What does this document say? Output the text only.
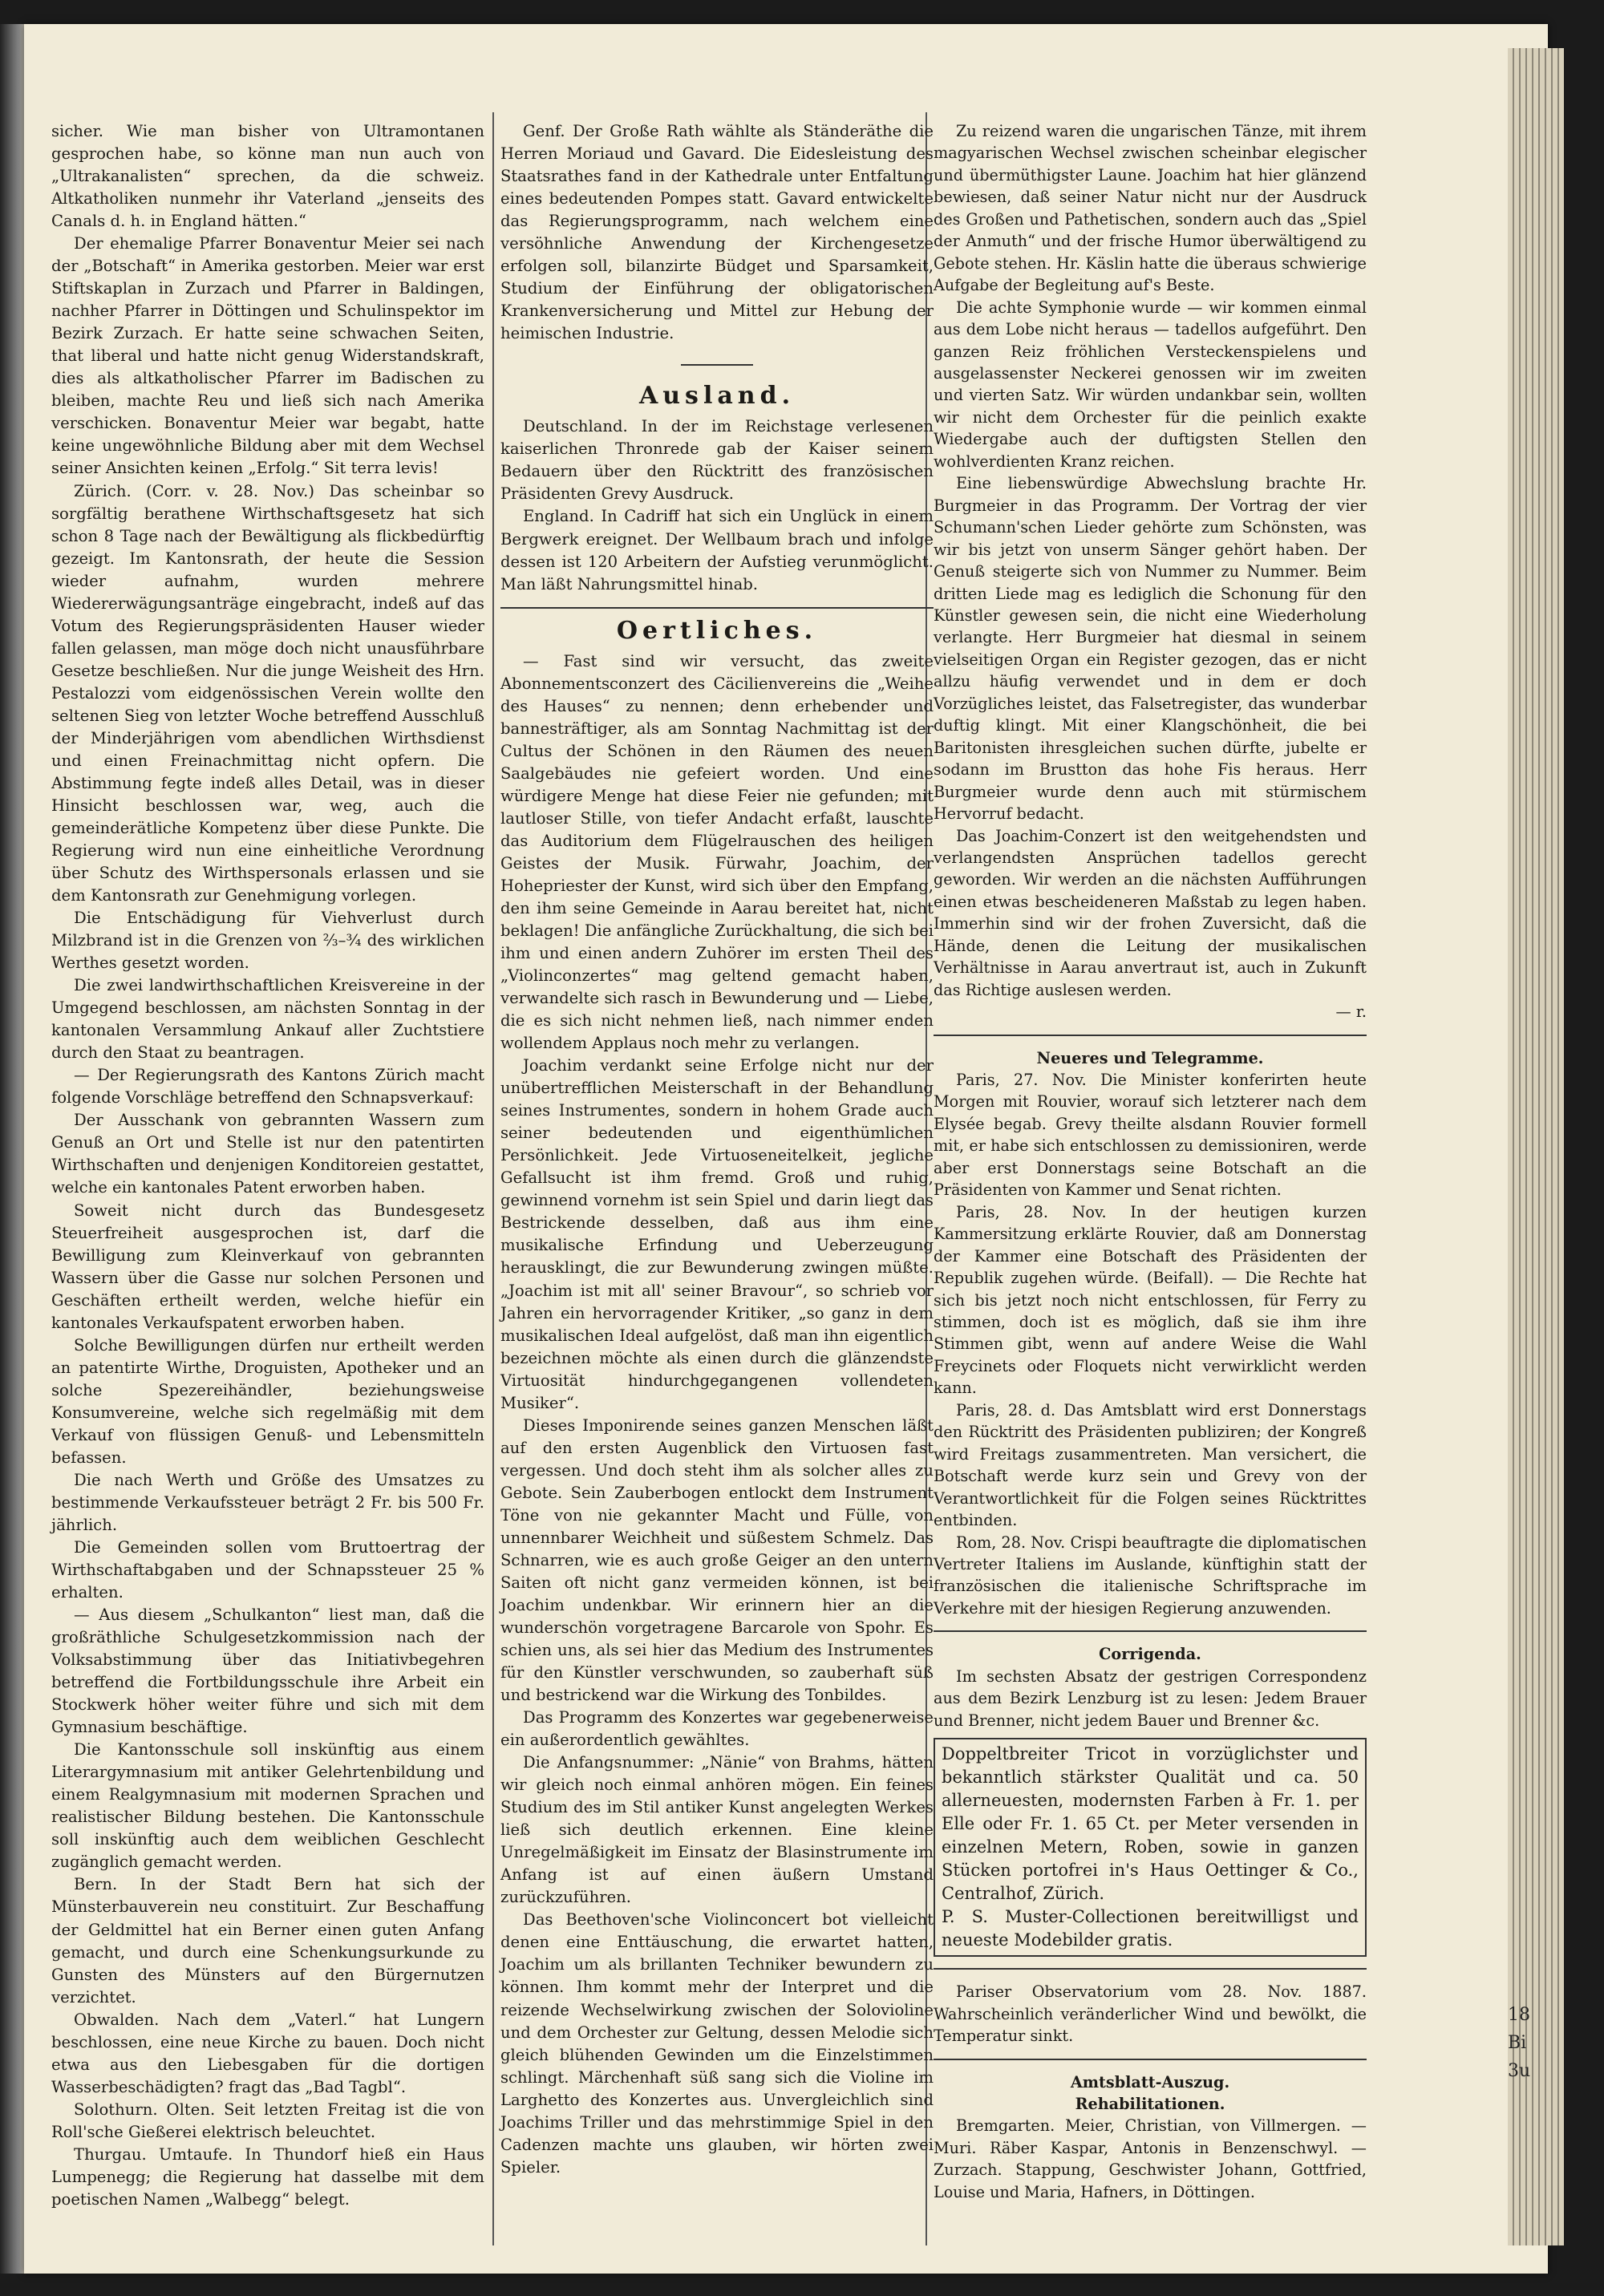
sicher. Wie man bisher von Ultramontanen gesprochen habe, so könne man nun auch von „Ultrakanalisten“ sprechen, da die schweiz. Altkatholiken nunmehr ihr Vaterland „jenseits des Canals d. h. in England hätten.“

Der ehemalige Pfarrer Bonaventur Meier sei nach der „Botschaft“ in Amerika gestorben. Meier war erst Stiftskaplan in Zurzach und Pfarrer in Baldingen, nachher Pfarrer in Döttingen und Schulinspektor im Bezirk Zurzach. Er hatte seine schwachen Seiten, that liberal und hatte nicht genug Widerstandskraft, dies als altkatholischer Pfarrer im Badischen zu bleiben, machte Reu und ließ sich nach Amerika verschicken. Bonaventur Meier war begabt, hatte keine ungewöhnliche Bildung aber mit dem Wechsel seiner Ansichten keinen „Erfolg.“ Sit terra levis!

Zürich. (Corr. v. 28. Nov.) Das scheinbar so sorgfältig berathene Wirthschaftsgesetz hat sich schon 8 Tage nach der Bewältigung als flickbedürftig gezeigt. Im Kantonsrath, der heute die Session wieder aufnahm, wurden mehrere Wiedererwägungsanträge eingebracht, indeß auf das Votum des Regierungspräsidenten Hauser wieder fallen gelassen, man möge doch nicht unausführbare Gesetze beschließen. Nur die junge Weisheit des Hrn. Pestalozzi vom eidgenössischen Verein wollte den seltenen Sieg von letzter Woche betreffend Ausschluß der Minderjährigen vom abendlichen Wirthsdienst und einen Freinachmittag nicht opfern. Die Abstimmung fegte indeß alles Detail, was in dieser Hinsicht beschlossen war, weg, auch die gemeinderätliche Kompetenz über diese Punkte. Die Regierung wird nun eine einheitliche Verordnung über Schutz des Wirthspersonals erlassen und sie dem Kantonsrath zur Genehmigung vorlegen.

Die Entschädigung für Viehverlust durch Milzbrand ist in die Grenzen von ⅔–¾ des wirklichen Werthes gesetzt worden.

Die zwei landwirthschaftlichen Kreisvereine in der Umgegend beschlossen, am nächsten Sonntag in der kantonalen Versammlung Ankauf aller Zuchtstiere durch den Staat zu beantragen.

— Der Regierungsrath des Kantons Zürich macht folgende Vorschläge betreffend den Schnapsverkauf:

Der Ausschank von gebrannten Wassern zum Genuß an Ort und Stelle ist nur den patentirten Wirthschaften und denjenigen Konditoreien gestattet, welche ein kantonales Patent erworben haben.

Soweit nicht durch das Bundesgesetz Steuerfreiheit ausgesprochen ist, darf die Bewilligung zum Kleinverkauf von gebrannten Wassern über die Gasse nur solchen Personen und Geschäften ertheilt werden, welche hiefür ein kantonales Verkaufspatent erworben haben.

Solche Bewilligungen dürfen nur ertheilt werden an patentirte Wirthe, Droguisten, Apotheker und an solche Spezereihändler, beziehungsweise Konsumvereine, welche sich regelmäßig mit dem Verkauf von flüssigen Genuß- und Lebensmitteln befassen.

Die nach Werth und Größe des Umsatzes zu bestimmende Verkaufssteuer beträgt 2 Fr. bis 500 Fr. jährlich.

Die Gemeinden sollen vom Bruttoertrag der Wirthschaftabgaben und der Schnapssteuer 25 % erhalten.

— Aus diesem „Schulkanton“ liest man, daß die großräthliche Schulgesetzkommission nach der Volksabstimmung über das Initiativbegehren betreffend die Fortbildungsschule ihre Arbeit ein Stockwerk höher weiter führe und sich mit dem Gymnasium beschäftige.

Die Kantonsschule soll inskünftig aus einem Literargymnasium mit antiker Gelehrtenbildung und einem Realgymnasium mit modernen Sprachen und realistischer Bildung bestehen. Die Kantonsschule soll inskünftig auch dem weiblichen Geschlecht zugänglich gemacht werden.

Bern. In der Stadt Bern hat sich der Münsterbauverein neu constituirt. Zur Beschaffung der Geldmittel hat ein Berner einen guten Anfang gemacht, und durch eine Schenkungsurkunde zu Gunsten des Münsters auf den Bürgernutzen verzichtet.

Obwalden. Nach dem „Vaterl.“ hat Lungern beschlossen, eine neue Kirche zu bauen. Doch nicht etwa aus den Liebesgaben für die dortigen Wasserbeschädigten? fragt das „Bad Tagbl“.

Solothurn. Olten. Seit letzten Freitag ist die von Roll'sche Gießerei elektrisch beleuchtet.

Thurgau. Umtaufe. In Thundorf hieß ein Haus Lumpenegg; die Regierung hat dasselbe mit dem poetischen Namen „Walbegg“ belegt.

Genf. Der Große Rath wählte als Ständeräthe die Herren Moriaud und Gavard. Die Eidesleistung des Staatsrathes fand in der Kathedrale unter Entfaltung eines bedeutenden Pompes statt. Gavard entwickelte das Regierungsprogramm, nach welchem eine versöhnliche Anwendung der Kirchengesetze erfolgen soll, bilanzirte Büdget und Sparsamkeit, Studium der Einführung der obligatorischen Krankenversicherung und Mittel zur Hebung der heimischen Industrie.

Ausland.

Deutschland. In der im Reichstage verlesenen kaiserlichen Thronrede gab der Kaiser seinem Bedauern über den Rücktritt des französischen Präsidenten Grevy Ausdruck.

England. In Cadriff hat sich ein Unglück in einem Bergwerk ereignet. Der Wellbaum brach und infolge dessen ist 120 Arbeitern der Aufstieg verunmöglicht. Man läßt Nahrungsmittel hinab.

Oertliches.

— Fast sind wir versucht, das zweite Abonnementsconzert des Cäcilienvereins die „Weihe des Hauses“ zu nennen; denn erhebender und bannesträftiger, als am Sonntag Nachmittag ist der Cultus der Schönen in den Räumen des neuen Saalgebäudes nie gefeiert worden. Und eine würdigere Menge hat diese Feier nie gefunden; mit lautloser Stille, von tiefer Andacht erfaßt, lauschte das Auditorium dem Flügelrauschen des heiligen Geistes der Musik. Fürwahr, Joachim, der Hohepriester der Kunst, wird sich über den Empfang, den ihm seine Gemeinde in Aarau bereitet hat, nicht beklagen! Die anfängliche Zurückhaltung, die sich bei ihm und einen andern Zuhörer im ersten Theil des „Violinconzertes“ mag geltend gemacht haben, verwandelte sich rasch in Bewunderung und — Liebe, die es sich nicht nehmen ließ, nach nimmer enden wollendem Applaus noch mehr zu verlangen.

Joachim verdankt seine Erfolge nicht nur der unübertrefflichen Meisterschaft in der Behandlung seines Instrumentes, sondern in hohem Grade auch seiner bedeutenden und eigenthümlichen Persönlichkeit. Jede Virtuoseneitelkeit, jegliche Gefallsucht ist ihm fremd. Groß und ruhig, gewinnend vornehm ist sein Spiel und darin liegt das Bestrickende desselben, daß aus ihm eine musikalische Erfindung und Ueberzeugung herausklingt, die zur Bewunderung zwingen müßte. „Joachim ist mit all' seiner Bravour“, so schrieb vor Jahren ein hervorragender Kritiker, „so ganz in dem musikalischen Ideal aufgelöst, daß man ihn eigentlich bezeichnen möchte als einen durch die glänzendste Virtuosität hindurchgegangenen vollendeten Musiker“.

Dieses Imponirende seines ganzen Menschen läßt auf den ersten Augenblick den Virtuosen fast vergessen. Und doch steht ihm als solcher alles zu Gebote. Sein Zauberbogen entlockt dem Instrument Töne von nie gekannter Macht und Fülle, von unnennbarer Weichheit und süßestem Schmelz. Das Schnarren, wie es auch große Geiger an den untern Saiten oft nicht ganz vermeiden können, ist bei Joachim undenkbar. Wir erinnern hier an die wunderschön vorgetragene Barcarole von Spohr. Es schien uns, als sei hier das Medium des Instrumentes für den Künstler verschwunden, so zauberhaft süß und bestrickend war die Wirkung des Tonbildes.

Das Programm des Konzertes war gegebenerweise ein außerordentlich gewähltes.

Die Anfangsnummer: „Nänie“ von Brahms, hätten wir gleich noch einmal anhören mögen. Ein feines Studium des im Stil antiker Kunst angelegten Werkes ließ sich deutlich erkennen. Eine kleine Unregelmäßigkeit im Einsatz der Blasinstrumente im Anfang ist auf einen äußern Umstand zurückzuführen.

Das Beethoven'sche Violinconcert bot vielleicht denen eine Enttäuschung, die erwartet hatten, Joachim um als brillanten Techniker bewundern zu können. Ihm kommt mehr der Interpret und die reizende Wechselwirkung zwischen der Solovioline und dem Orchester zur Geltung, dessen Melodie sich gleich blühenden Gewinden um die Einzelstimmen schlingt. Märchenhaft süß sang sich die Violine im Larghetto des Konzertes aus. Unvergleichlich sind Joachims Triller und das mehrstimmige Spiel in den Cadenzen machte uns glauben, wir hörten zwei Spieler.

Zu reizend waren die ungarischen Tänze, mit ihrem magyarischen Wechsel zwischen scheinbar elegischer und übermüthigster Laune. Joachim hat hier glänzend bewiesen, daß seiner Natur nicht nur der Ausdruck des Großen und Pathetischen, sondern auch das „Spiel der Anmuth“ und der frische Humor überwältigend zu Gebote stehen. Hr. Käslin hatte die überaus schwierige Aufgabe der Begleitung auf's Beste.

Die achte Symphonie wurde — wir kommen einmal aus dem Lobe nicht heraus — tadellos aufgeführt. Den ganzen Reiz fröhlichen Versteckenspielens und ausgelassenster Neckerei genossen wir im zweiten und vierten Satz. Wir würden undankbar sein, wollten wir nicht dem Orchester für die peinlich exakte Wiedergabe auch der duftigsten Stellen den wohlverdienten Kranz reichen.

Eine liebenswürdige Abwechslung brachte Hr. Burgmeier in das Programm. Der Vortrag der vier Schumann'schen Lieder gehörte zum Schönsten, was wir bis jetzt von unserm Sänger gehört haben. Der Genuß steigerte sich von Nummer zu Nummer. Beim dritten Liede mag es lediglich die Schonung für den Künstler gewesen sein, die nicht eine Wiederholung verlangte. Herr Burgmeier hat diesmal in seinem vielseitigen Organ ein Register gezogen, das er nicht allzu häufig verwendet und in dem er doch Vorzügliches leistet, das Falsetregister, das wunderbar duftig klingt. Mit einer Klangschönheit, die bei Baritonisten ihresgleichen suchen dürfte, jubelte er sodann im Brustton das hohe Fis heraus. Herr Burgmeier wurde denn auch mit stürmischem Hervorruf bedacht.

Das Joachim-Conzert ist den weitgehendsten und verlangendsten Ansprüchen tadellos gerecht geworden. Wir werden an die nächsten Aufführungen einen etwas bescheideneren Maßstab zu legen haben. Immerhin sind wir der frohen Zuversicht, daß die Hände, denen die Leitung der musikalischen Verhältnisse in Aarau anvertraut ist, auch in Zukunft das Richtige auslesen werden.

— r.

Neueres und Telegramme.

Paris, 27. Nov. Die Minister konferirten heute Morgen mit Rouvier, worauf sich letzterer nach dem Elysée begab. Grevy theilte alsdann Rouvier formell mit, er habe sich entschlossen zu demissioniren, werde aber erst Donnerstags seine Botschaft an die Präsidenten von Kammer und Senat richten.

Paris, 28. Nov. In der heutigen kurzen Kammersitzung erklärte Rouvier, daß am Donnerstag der Kammer eine Botschaft des Präsidenten der Republik zugehen würde. (Beifall). — Die Rechte hat sich bis jetzt noch nicht entschlossen, für Ferry zu stimmen, doch ist es möglich, daß sie ihm ihre Stimmen gibt, wenn auf andere Weise die Wahl Freycinets oder Floquets nicht verwirklicht werden kann.

Paris, 28. d. Das Amtsblatt wird erst Donnerstags den Rücktritt des Präsidenten publiziren; der Kongreß wird Freitags zusammentreten. Man versichert, die Botschaft werde kurz sein und Grevy von der Verantwortlichkeit für die Folgen seines Rücktrittes entbinden.

Rom, 28. Nov. Crispi beauftragte die diplomatischen Vertreter Italiens im Auslande, künftighin statt der französischen die italienische Schriftsprache im Verkehre mit der hiesigen Regierung anzuwenden.

Corrigenda.

Im sechsten Absatz der gestrigen Correspondenz aus dem Bezirk Lenzburg ist zu lesen: Jedem Brauer und Brenner, nicht jedem Bauer und Brenner &c.

Doppeltbreiter Tricot in vorzüglichster und bekanntlich stärkster Qualität und ca. 50 allerneuesten, modernsten Farben à Fr. 1. per Elle oder Fr. 1. 65 Ct. per Meter versenden in einzelnen Metern, Roben, sowie in ganzen Stücken portofrei in's Haus Oettinger & Co., Centralhof, Zürich.
P. S. Muster-Collectionen bereitwilligst und neueste Modebilder gratis.

Pariser Observatorium vom 28. Nov. 1887. Wahrscheinlich veränderlicher Wind und bewölkt, die Temperatur sinkt.

Amtsblatt-Auszug.

Rehabilitationen.

Bremgarten. Meier, Christian, von Villmergen. — Muri. Räber Kaspar, Antonis in Benzenschwyl. — Zurzach. Stappung, Geschwister Johann, Gottfried, Louise und Maria, Hafners, in Döttingen.

18
Bi
3u
